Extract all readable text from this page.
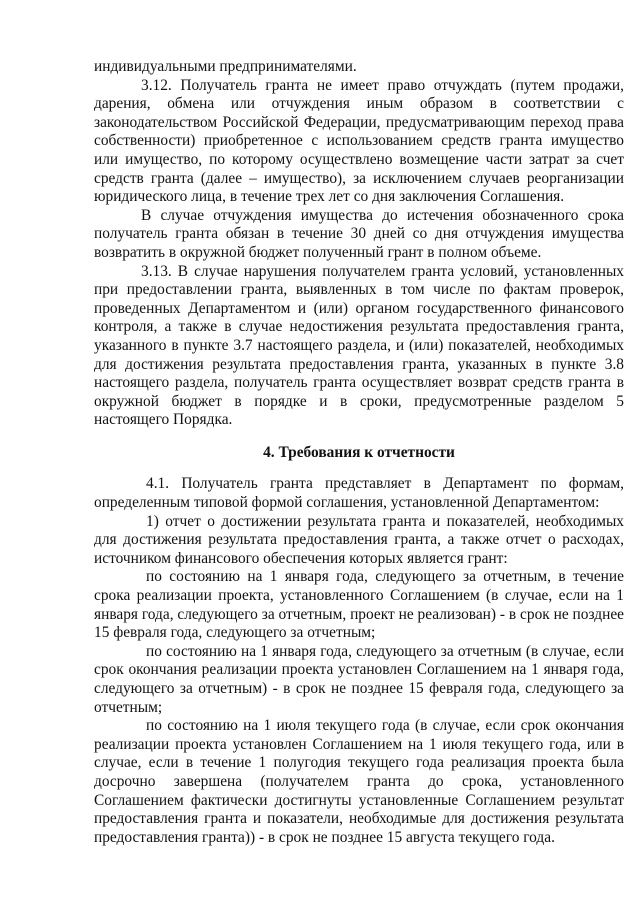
индивидуальными предпринимателями.

3.12. Получатель гранта не имеет право отчуждать (путем продажи, дарения, обмена или отчуждения иным образом в соответствии с законодательством Российской Федерации, предусматривающим переход права собственности) приобретенное с использованием средств гранта имущество или имущество, по которому осуществлено возмещение части затрат за счет средств гранта (далее – имущество), за исключением случаев реорганизации юридического лица, в течение трех лет со дня заключения Соглашения.

В случае отчуждения имущества до истечения обозначенного срока получатель гранта обязан в течение 30 дней со дня отчуждения имущества возвратить в окружной бюджет полученный грант в полном объеме.

3.13. В случае нарушения получателем гранта условий, установленных при предоставлении гранта, выявленных в том числе по фактам проверок, проведенных Департаментом и (или) органом государственного финансового контроля, а также в случае недостижения результата предоставления гранта, указанного в пункте 3.7 настоящего раздела, и (или) показателей, необходимых для достижения результата предоставления гранта, указанных в пункте 3.8 настоящего раздела, получатель гранта осуществляет возврат средств гранта в окружной бюджет в порядке и в сроки, предусмотренные разделом 5 настоящего Порядка.

4. Требования к отчетности

4.1. Получатель гранта представляет в Департамент по формам, определенным типовой формой соглашения, установленной Департаментом:

1) отчет о достижении результата гранта и показателей, необходимых для достижения результата предоставления гранта, а также отчет о расходах, источником финансового обеспечения которых является грант:

по состоянию на 1 января года, следующего за отчетным, в течение срока реализации проекта, установленного Соглашением (в случае, если на 1 января года, следующего за отчетным, проект не реализован) - в срок не позднее 15 февраля года, следующего за отчетным;

по состоянию на 1 января года, следующего за отчетным (в случае, если срок окончания реализации проекта установлен Соглашением на 1 января года, следующего за отчетным) - в срок не позднее 15 февраля года, следующего за отчетным;

по состоянию на 1 июля текущего года (в случае, если срок окончания реализации проекта установлен Соглашением на 1 июля текущего года, или в случае, если в течение 1 полугодия текущего года реализация проекта была досрочно завершена (получателем гранта до срока, установленного Соглашением фактически достигнуты установленные Соглашением результат предоставления гранта и показатели, необходимые для достижения результата предоставления гранта)) - в срок не позднее 15 августа текущего года.
